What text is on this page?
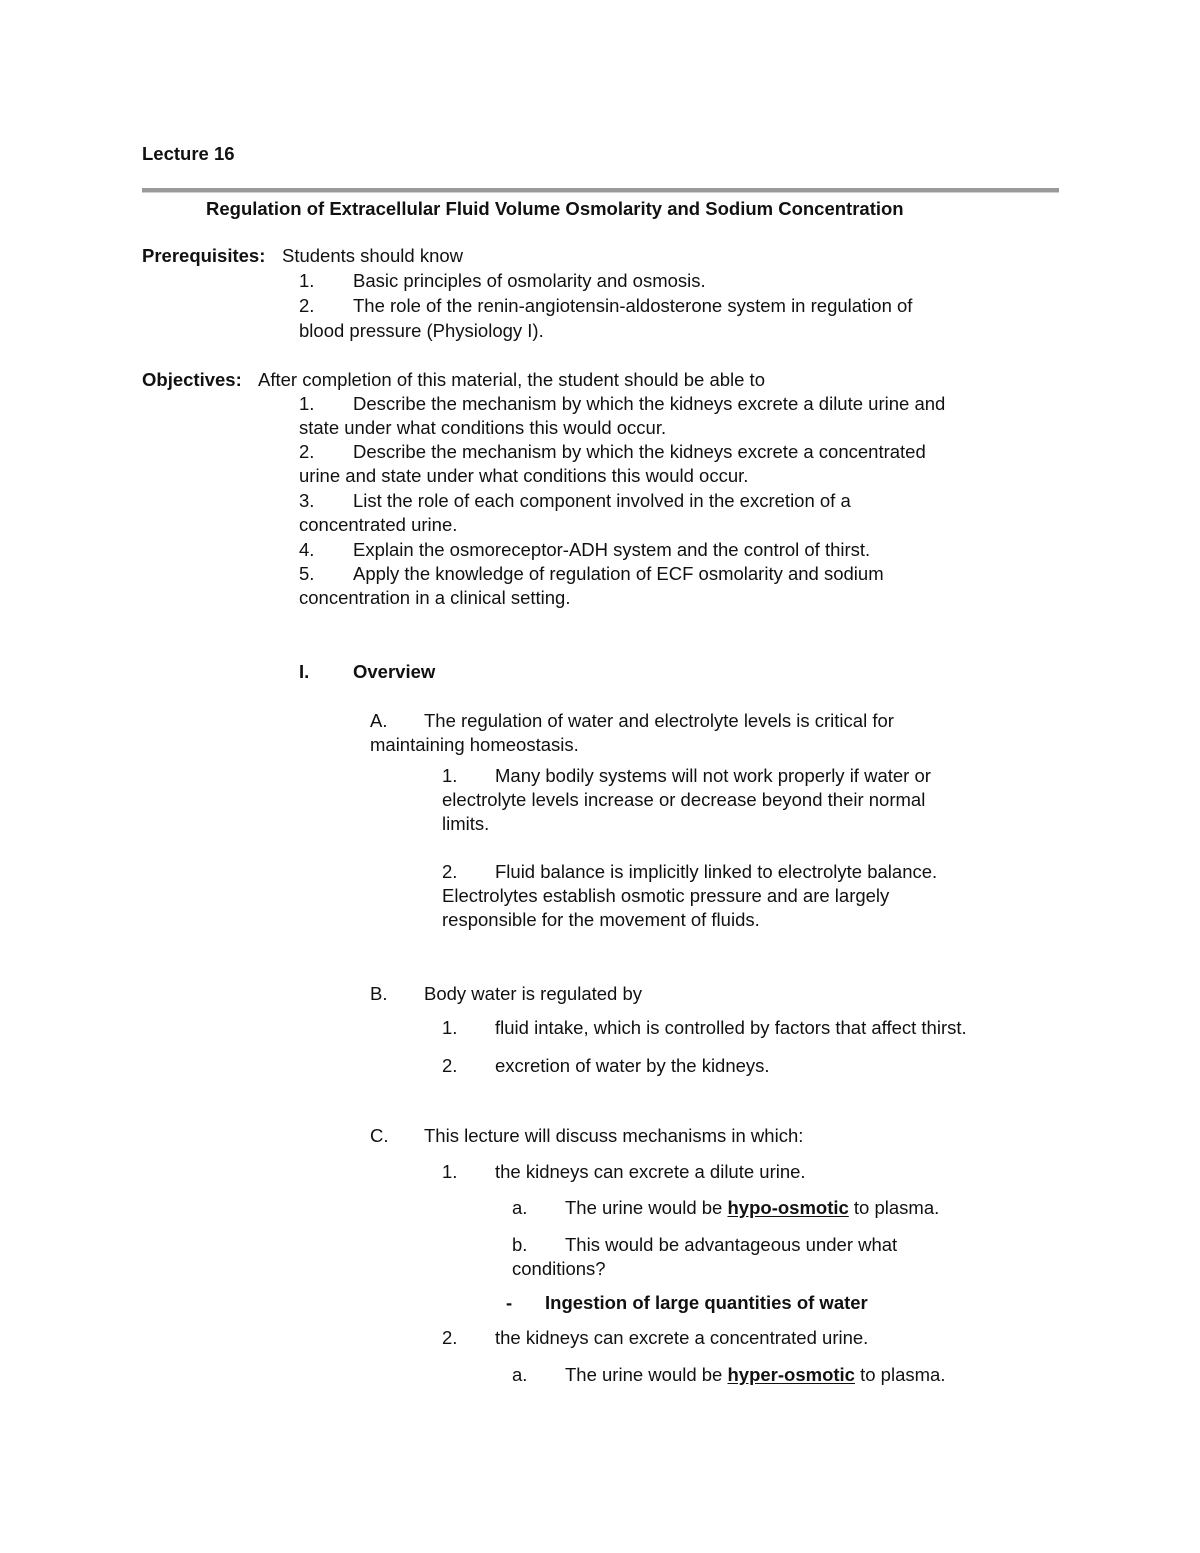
Lecture 16
Regulation of Extracellular Fluid Volume Osmolarity and Sodium Concentration
Prerequisites: Students should know
1. Basic principles of osmolarity and osmosis.
2. The role of the renin-angiotensin-aldosterone system in regulation of
blood pressure (Physiology I).
Objectives: After completion of this material, the student should be able to
1. Describe the mechanism by which the kidneys excrete a dilute urine and
state under what conditions this would occur.
2. Describe the mechanism by which the kidneys excrete a concentrated
urine and state under what conditions this would occur.
3. List the role of each component involved in the excretion of a
concentrated urine.
4. Explain the osmoreceptor-ADH system and the control of thirst.
5. Apply the knowledge of regulation of ECF osmolarity and sodium
concentration in a clinical setting.
I. Overview
A. The regulation of water and electrolyte levels is critical for
maintaining homeostasis.
1. Many bodily systems will not work properly if water or
electrolyte levels increase or decrease beyond their normal
limits.
2. Fluid balance is implicitly linked to electrolyte balance.
Electrolytes establish osmotic pressure and are largely
responsible for the movement of fluids.
B. Body water is regulated by
1. fluid intake, which is controlled by factors that affect thirst.
2. excretion of water by the kidneys.
C. This lecture will discuss mechanisms in which:
1. the kidneys can excrete a dilute urine.
a. The urine would be hypo-osmotic to plasma.
b. This would be advantageous under what
conditions?
- Ingestion of large quantities of water
2. the kidneys can excrete a concentrated urine.
a. The urine would be hyper-osmotic to plasma.
